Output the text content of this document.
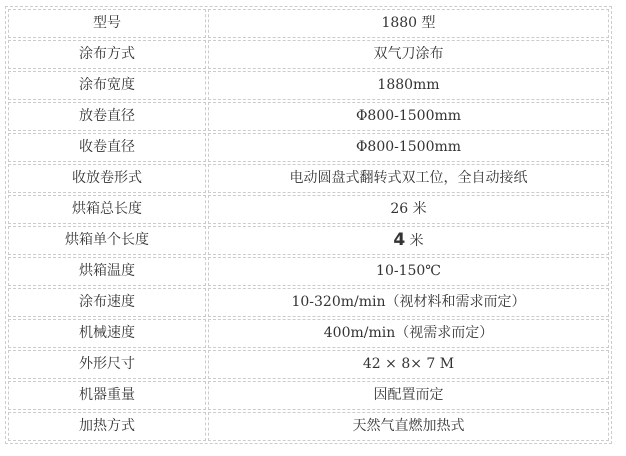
型号	1880 型
涂布方式	双气刀涂布
涂布宽度	1880mm
放卷直径	Φ800-1500mm
收卷直径	Φ800-1500mm
收放卷形式	电动圆盘式翻转式双工位，全自动接纸
烘箱总长度	26 米
烘箱单个长度	4 米
烘箱温度	10-150℃
涂布速度	10-320m/min（视材料和需求而定）
机械速度	400m/min（视需求而定）
外形尺寸	42 × 8× 7 M
机器重量	因配置而定
加热方式	天然气直燃加热式
